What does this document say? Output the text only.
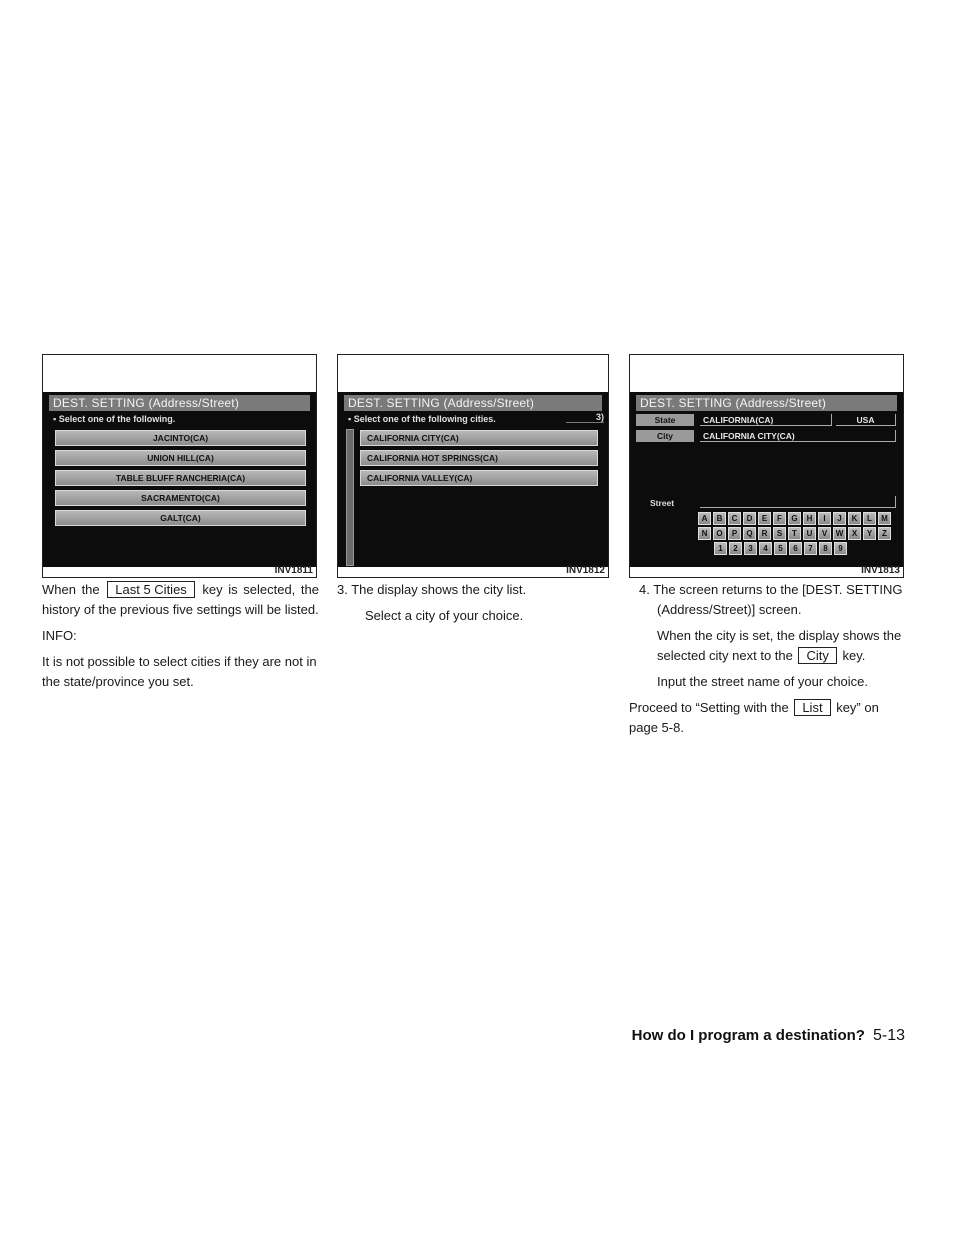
DEST. SETTING (Address/Street)
▪ Select one of the following.
JACINTO(CA)
UNION HILL(CA)
TABLE BLUFF RANCHERIA(CA)
SACRAMENTO(CA)
GALT(CA)
INV1811
DEST. SETTING (Address/Street)
▪ Select one of the following cities.	3)
CALIFORNIA CITY(CA)
CALIFORNIA HOT SPRINGS(CA)
CALIFORNIA VALLEY(CA)
INV1812
DEST. SETTING (Address/Street)
State	CALIFORNIA(CA)	USA
City	CALIFORNIA CITY(CA)
Street
A	B	C	D	E	F	G	H	I	J	K	L	M
N	O	P	Q	R	S	T	U	V	W	X	Y	Z
1	2	3	4	5	6	7	8	9
INV1813

When the Last 5 Cities key is selected, the history of the previous five settings will be listed.

INFO:

It is not possible to select cities if they are not in the state/province you set.

3. The display shows the city list.

Select a city of your choice.

4. The screen returns to the [DEST. SETTING (Address/Street)] screen.

When the city is set, the display shows the selected city next to the City key.

Input the street name of your choice.

Proceed to “Setting with the List key” on page 5-8.

How do I program a destination? 5-13
